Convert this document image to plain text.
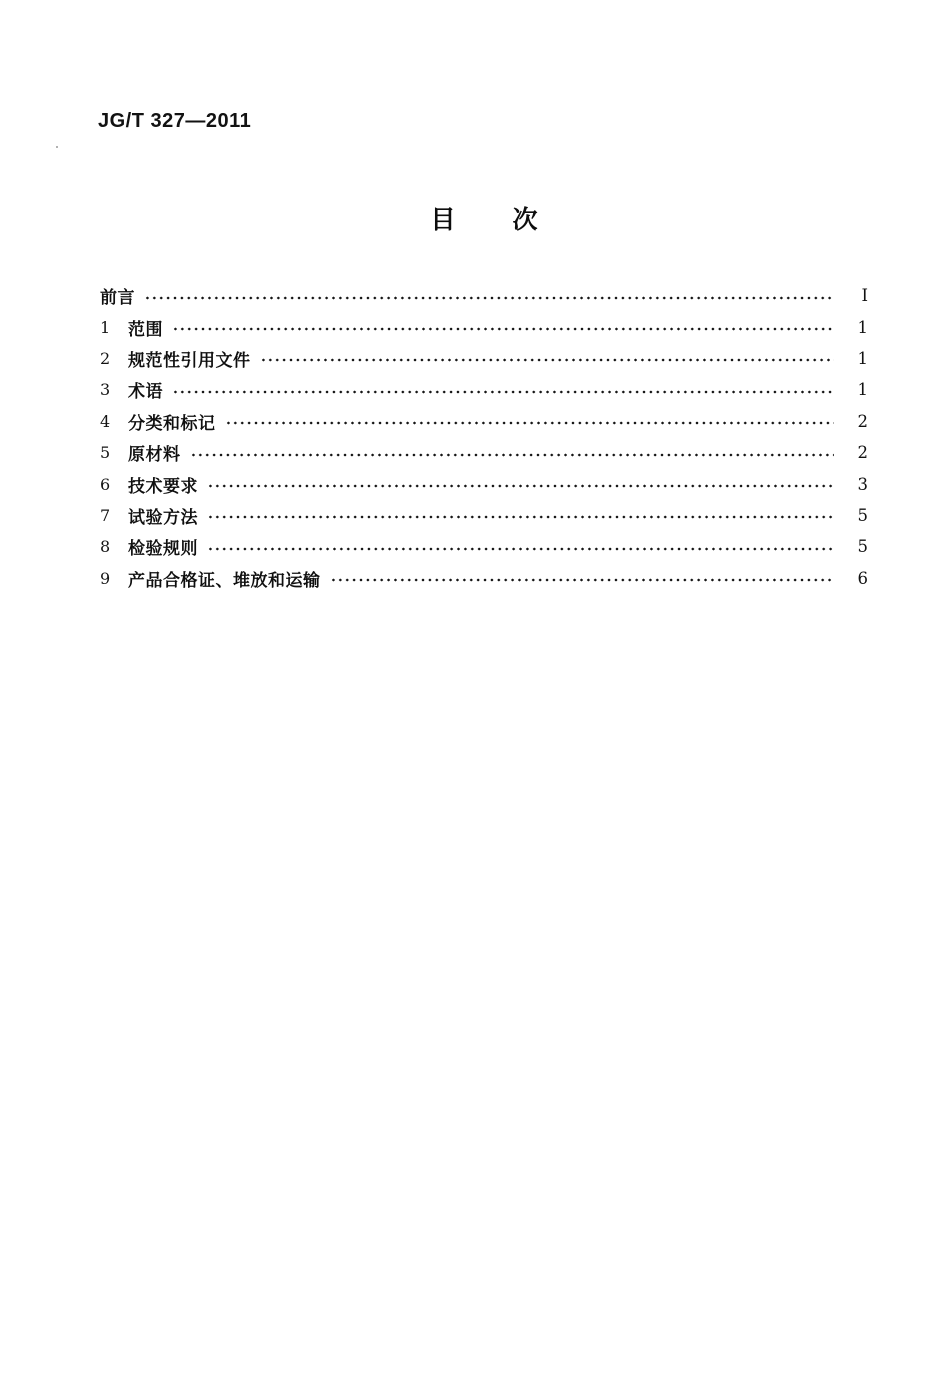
JG/T 327—2011
目　次
前言	Ⅰ
1	范围	1
2	规范性引用文件	1
3	术语	1
4	分类和标记	2
5	原材料	2
6	技术要求	3
7	试验方法	5
8	检验规则	5
9	产品合格证、堆放和运输	6
